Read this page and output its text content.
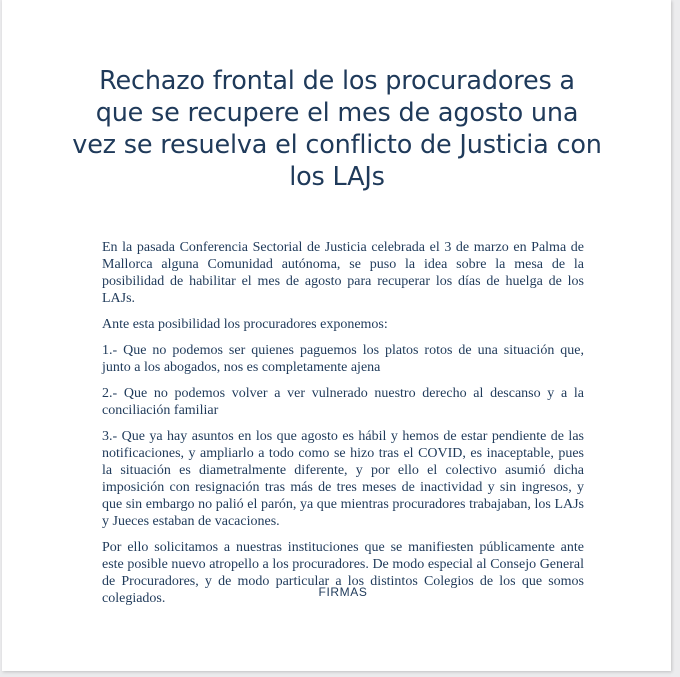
Rechazo frontal de los procuradores a que se recupere el mes de agosto una vez se resuelva el conflicto de Justicia con los LAJs

En la pasada Conferencia Sectorial de Justicia celebrada el 3 de marzo en Palma de Mallorca alguna Comunidad autónoma, se puso la idea sobre la mesa de la posibilidad de habilitar el mes de agosto para recuperar los días de huelga de los LAJs.

Ante esta posibilidad los procuradores exponemos:

1.- Que no podemos ser quienes paguemos los platos rotos de una situación que, junto a los abogados, nos es completamente ajena

2.- Que no podemos volver a ver vulnerado nuestro derecho al descanso y a la conciliación familiar

3.- Que ya hay asuntos en los que agosto es hábil y hemos de estar pendiente de las notificaciones, y ampliarlo a todo como se hizo tras el COVID, es inaceptable, pues la situación es diametralmente diferente, y por ello el colectivo asumió dicha imposición con resignación tras más de tres meses de inactividad y sin ingresos, y que sin embargo no palió el parón, ya que mientras procuradores trabajaban, los LAJs y Jueces estaban de vacaciones.

Por ello solicitamos a nuestras instituciones que se manifiesten públicamente ante este posible nuevo atropello a los procuradores. De modo especial al Consejo General de Procuradores, y de modo particular a los distintos Colegios de los que somos colegiados.	FIRMAS
